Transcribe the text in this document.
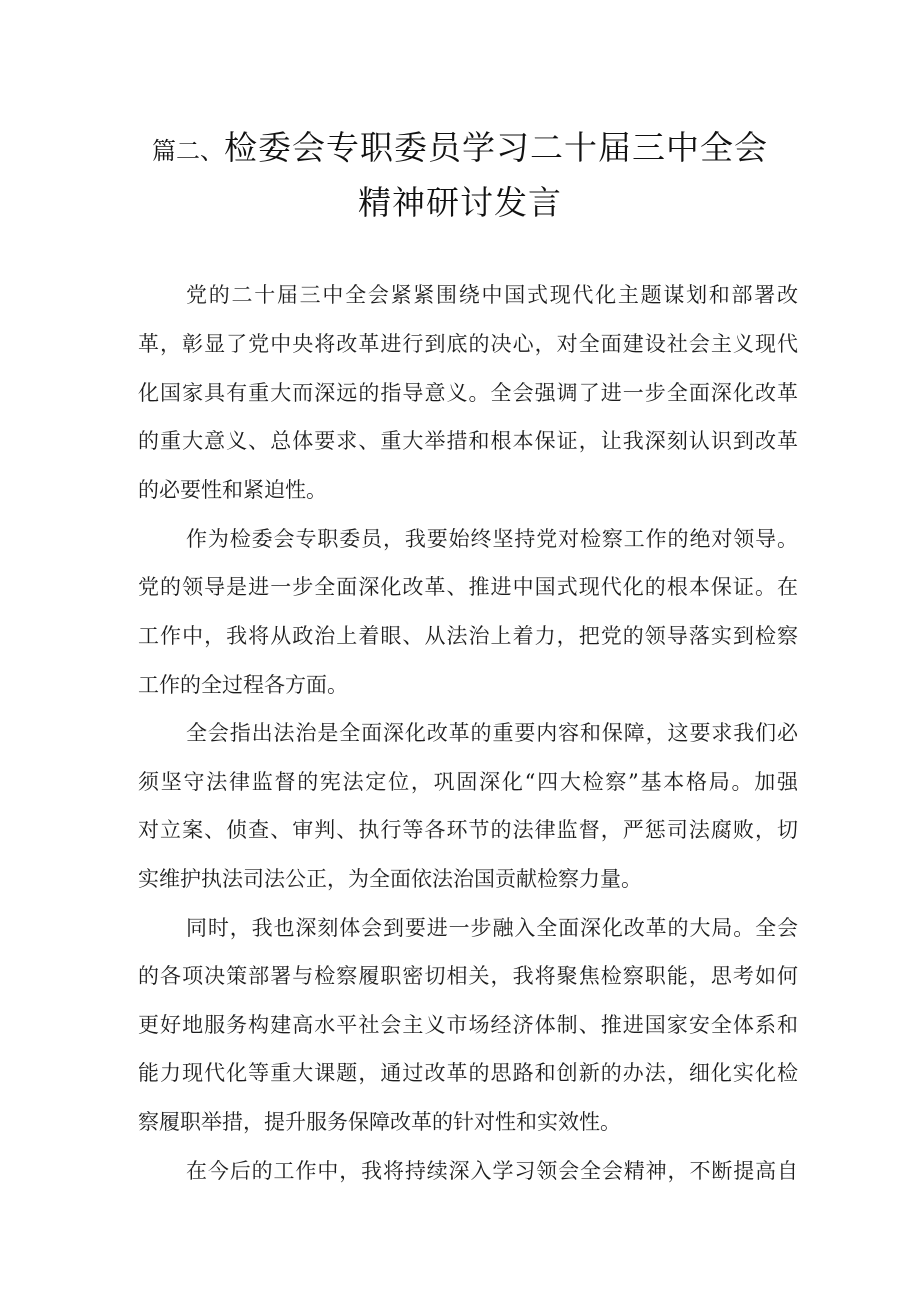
篇二、检委会专职委员学习二十届三中全会
精神研讨发言
党的二十届三中全会紧紧围绕中国式现代化主题谋划和部署改
革，彰显了党中央将改革进行到底的决心，对全面建设社会主义现代
化国家具有重大而深远的指导意义。全会强调了进一步全面深化改革
的重大意义、总体要求、重大举措和根本保证，让我深刻认识到改革
的必要性和紧迫性。
作为检委会专职委员，我要始终坚持党对检察工作的绝对领导。
党的领导是进一步全面深化改革、推进中国式现代化的根本保证。在
工作中，我将从政治上着眼、从法治上着力，把党的领导落实到检察
工作的全过程各方面。
全会指出法治是全面深化改革的重要内容和保障，这要求我们必
须坚守法律监督的宪法定位，巩固深化“四大检察”基本格局。加强
对立案、侦查、审判、执行等各环节的法律监督，严惩司法腐败，切
实维护执法司法公正，为全面依法治国贡献检察力量。
同时，我也深刻体会到要进一步融入全面深化改革的大局。全会
的各项决策部署与检察履职密切相关，我将聚焦检察职能，思考如何
更好地服务构建高水平社会主义市场经济体制、推进国家安全体系和
能力现代化等重大课题，通过改革的思路和创新的办法，细化实化检
察履职举措，提升服务保障改革的针对性和实效性。
在今后的工作中，我将持续深入学习领会全会精神，不断提高自
